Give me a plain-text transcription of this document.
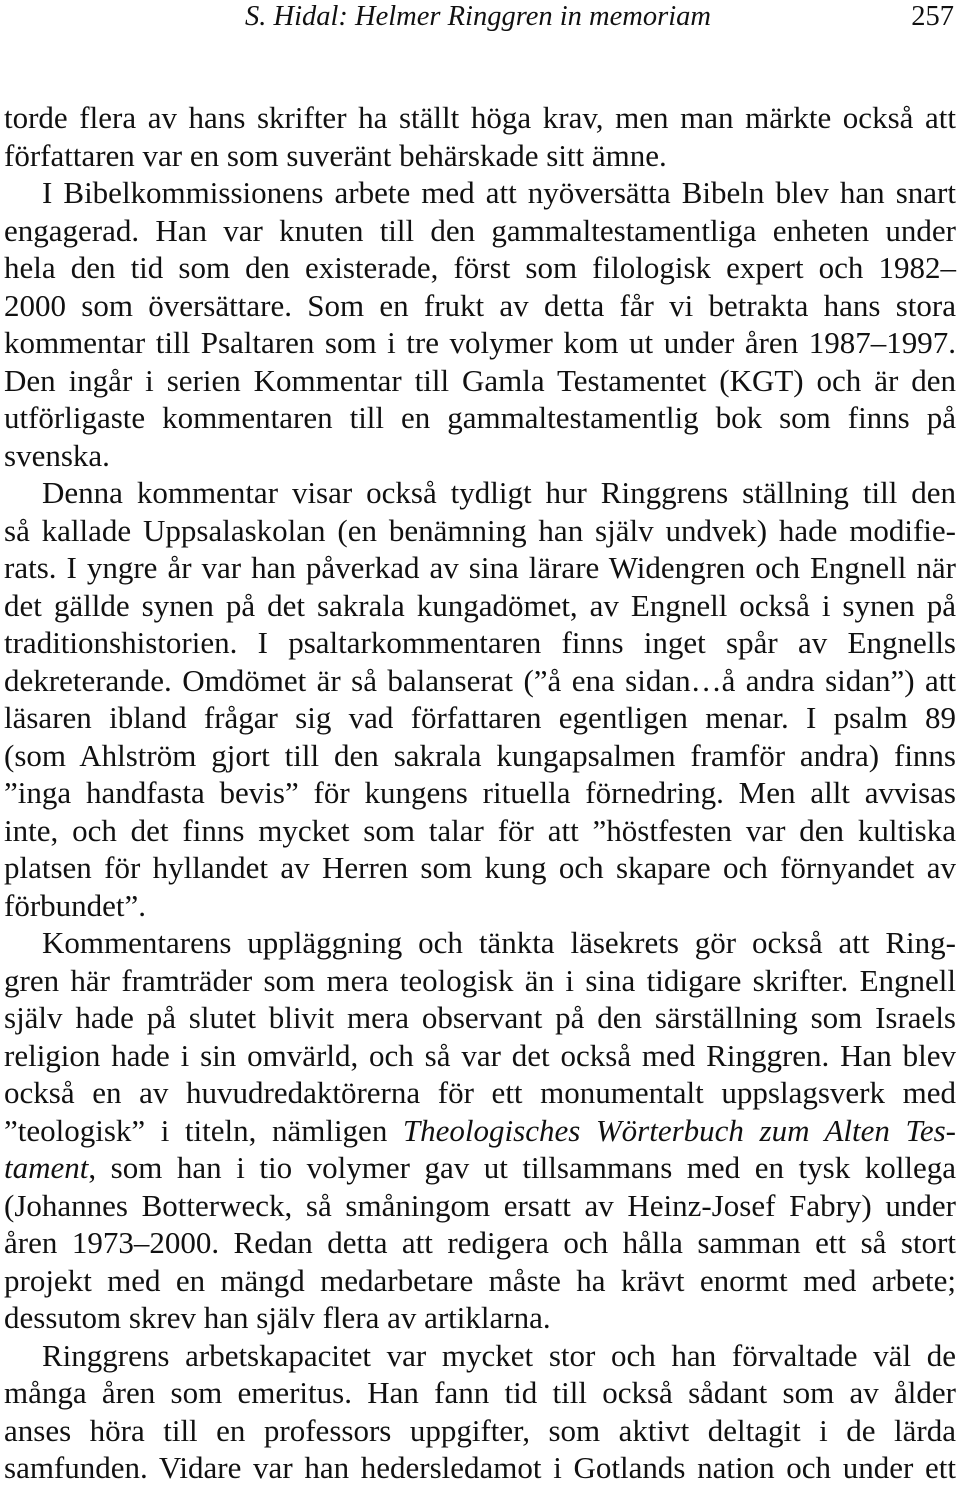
S. Hidal: Helmer Ringgren in memoriam	257
torde flera av hans skrifter ha ställt höga krav, men man märkte också att
författaren var en som suveränt behärskade sitt ämne.
I Bibelkommissionens arbete med att nyöversätta Bibeln blev han snart
engagerad. Han var knuten till den gammaltestamentliga enheten under
hela den tid som den existerade, först som filologisk expert och 1982–
2000 som översättare. Som en frukt av detta får vi betrakta hans stora
kommentar till Psaltaren som i tre volymer kom ut under åren 1987–1997.
Den ingår i serien Kommentar till Gamla Testamentet (KGT) och är den
utförligaste kommentaren till en gammaltestamentlig bok som finns på
svenska.
Denna kommentar visar också tydligt hur Ringgrens ställning till den
så kallade Uppsalaskolan (en benämning han själv undvek) hade modifie-
rats. I yngre år var han påverkad av sina lärare Widengren och Engnell när
det gällde synen på det sakrala kungadömet, av Engnell också i synen på
traditionshistorien. I psaltarkommentaren finns inget spår av Engnells
dekreterande. Omdömet är så balanserat (”å ena sidan…å andra sidan”) att
läsaren ibland frågar sig vad författaren egentligen menar. I psalm 89
(som Ahlström gjort till den sakrala kungapsalmen framför andra) finns
”inga handfasta bevis” för kungens rituella förnedring. Men allt avvisas
inte, och det finns mycket som talar för att ”höstfesten var den kultiska
platsen för hyllandet av Herren som kung och skapare och förnyandet av
förbundet”.
Kommentarens uppläggning och tänkta läsekrets gör också att Ring-
gren här framträder som mera teologisk än i sina tidigare skrifter. Engnell
själv hade på slutet blivit mera observant på den särställning som Israels
religion hade i sin omvärld, och så var det också med Ringgren. Han blev
också en av huvudredaktörerna för ett monumentalt uppslagsverk med
”teologisk” i titeln, nämligen Theologisches Wörterbuch zum Alten Tes-
tament, som han i tio volymer gav ut tillsammans med en tysk kollega
(Johannes Botterweck, så småningom ersatt av Heinz-Josef Fabry) under
åren 1973–2000. Redan detta att redigera och hålla samman ett så stort
projekt med en mängd medarbetare måste ha krävt enormt med arbete;
dessutom skrev han själv flera av artiklarna.
Ringgrens arbetskapacitet var mycket stor och han förvaltade väl de
många åren som emeritus. Han fann tid till också sådant som av ålder
anses höra till en professors uppgifter, som aktivt deltagit i de lärda
samfunden. Vidare var han hedersledamot i Gotlands nation och under ett
